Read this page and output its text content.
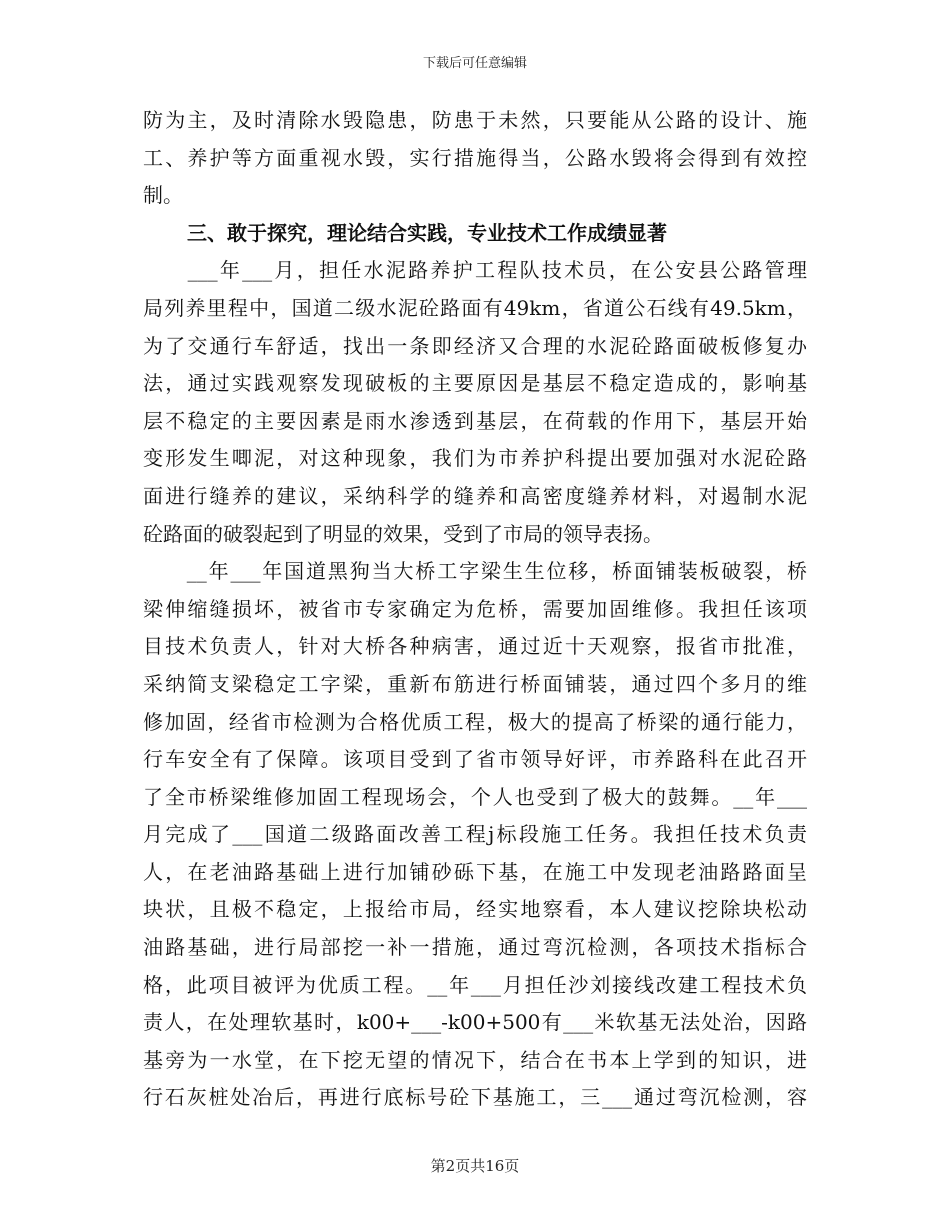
下载后可任意编辑
防为主，及时清除水毁隐患，防患于未然，只要能从公路的设计、施
工、养护等方面重视水毁，实行措施得当，公路水毁将会得到有效控
制。
三、敢于探究，理论结合实践，专业技术工作成绩显著
　　___年___月，担任水泥路养护工程队技术员，在公安县公路管理
局列养里程中，国道二级水泥砼路面有49km，省道公石线有49.5km，
为了交通行车舒适，找出一条即经济又合理的水泥砼路面破板修复办
法，通过实践观察发现破板的主要原因是基层不稳定造成的，影响基
层不稳定的主要因素是雨水渗透到基层，在荷载的作用下，基层开始
变形发生唧泥，对这种现象，我们为市养护科提出要加强对水泥砼路
面进行缝养的建议，采纳科学的缝养和高密度缝养材料，对遏制水泥
砼路面的破裂起到了明显的效果，受到了市局的领导表扬。
　　__年___年国道黑狗当大桥工字梁生生位移，桥面铺装板破裂，桥
梁伸缩缝损坏，被省市专家确定为危桥，需要加固维修。我担任该项
目技术负责人，针对大桥各种病害，通过近十天观察，报省市批准，
采纳简支梁稳定工字梁，重新布筋进行桥面铺装，通过四个多月的维
修加固，经省市检测为合格优质工程，极大的提高了桥梁的通行能力，
行车安全有了保障。该项目受到了省市领导好评，市养路科在此召开
了全市桥梁维修加固工程现场会，个人也受到了极大的鼓舞。__年___
月完成了___国道二级路面改善工程j标段施工任务。我担任技术负责
人，在老油路基础上进行加铺砂砾下基，在施工中发现老油路路面呈
块状，且极不稳定，上报给市局，经实地察看，本人建议挖除块松动
油路基础，进行局部挖一补一措施，通过弯沉检测，各项技术指标合
格，此项目被评为优质工程。__年___月担任沙刘接线改建工程技术负
责人，在处理软基时，k00+___-k00+500有___米软基无法处治，因路
基旁为一水堂，在下挖无望的情况下，结合在书本上学到的知识，进
行石灰桩处冶后，再进行底标号砼下基施工，三___通过弯沉检测，容
第2页共16页
